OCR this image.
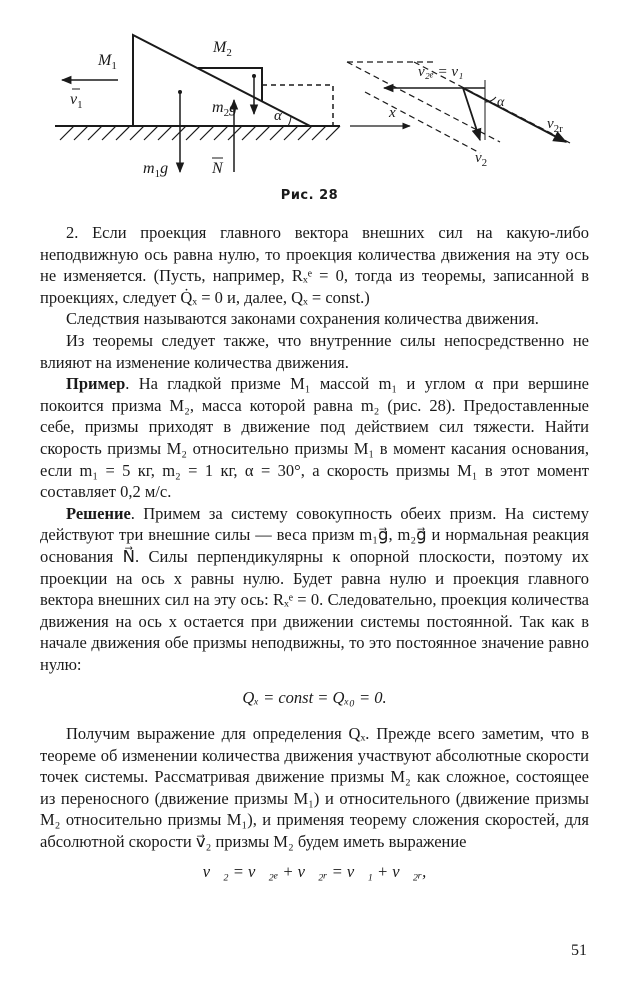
$M_1$
$M_2$
$v_1$	$m_2g$ α	x
$m_1g$	N
v₂ₑ = v₁
α
$v_{2r}$
$v_2$
Рис. 28

2. Если проекция главного вектора внешних сил на какую-либо неподвижную ось равна нулю, то проекция количества движения на эту ось не изменяется. (Пусть, например, Rₓᵉ = 0, тогда из теоремы, записанной в проекциях, следует Q̇ₓ = 0 и, далее, Qₓ = const.)

Следствия называются законами сохранения количества движения.

Из теоремы следует также, что внутренние силы непосредственно не влияют на изменение количества движения.

Пример. На гладкой призме M₁ массой m₁ и углом α при вершине покоится призма M₂, масса которой равна m₂ (рис. 28). Предоставленные себе, призмы приходят в движение под действием сил тяжести. Найти скорость призмы M₂ относительно призмы M₁ в момент касания основания, если m₁ = 5 кг, m₂ = 1 кг, α = 30°, а скорость призмы M₁ в этот момент составляет 0,2 м/с.

Решение. Примем за систему совокупность обеих призм. На систему действуют три внешние силы — веса призм m₁g⃗, m₂g⃗ и нормальная реакция основания N⃗. Силы перпендикулярны к опорной плоскости, поэтому их проекции на ось x равны нулю. Будет равна нулю и проекция главного вектора внешних сил на эту ось: Rₓᵉ = 0. Следовательно, проекция количества движения на ось x остается при движении системы постоянной. Так как в начале движения обе призмы неподвижны, то это постоянное значение равно нулю:

Qₓ = const = Qₓ₀ = 0.

Получим выражение для определения Qₓ. Прежде всего заметим, что в теореме об изменении количества движения участвуют абсолютные скорости точек системы. Рассматривая движение призмы M₂ как сложное, состоящее из переносного (движение призмы M₁) и относительного (движение призмы M₂ относительно призмы M₁), и применяя теорему сложения скоростей, для абсолютной скорости v⃗₂ призмы M₂ будем иметь выражение

v⃗₂ = v⃗₂ₑ + v⃗₂ᵣ = v⃗₁ + v⃗₂ᵣ,

51
